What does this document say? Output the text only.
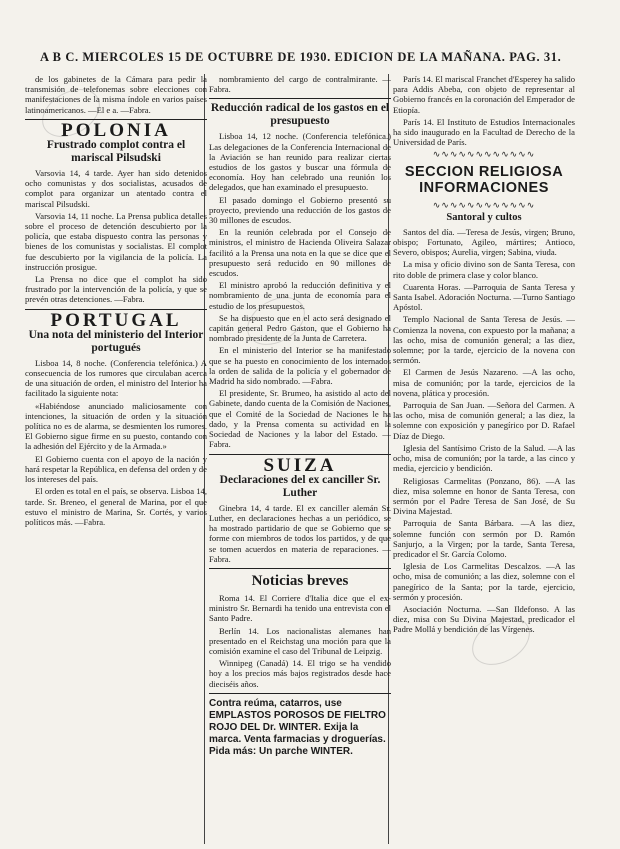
A B C. MIERCOLES 15 DE OCTUBRE DE 1930. EDICION DE LA MAÑANA. PAG. 31.

de los gabinetes de la Cámara para pedir la transmisión de telefonemas sobre elecciones con manifestaciones de la misma índole en varios países latinoamericanos. —El e a. —Fabra.

POLONIA
Frustrado complot contra el mariscal Pilsudski

Varsovia 14, 4 tarde. Ayer han sido detenidos ocho comunistas y dos socialistas, acusados de complot para organizar un atentado contra el mariscal Pilsudski.

Varsovia 14, 11 noche. La Prensa publica detalles sobre el proceso de detención descubierto por la policía, que estaba dispuesto contra las personas y bienes de los comunistas y socialistas. El complot fue descubierto por la vigilancia de la policía. La instrucción prosigue.

La Prensa no dice que el complot ha sido frustrado por la intervención de la policía, y que se prevén otras detenciones. —Fabra.

PORTUGAL
Una nota del ministerio del Interior portugués

Lisboa 14, 8 noche. (Conferencia telefónica.) A consecuencia de los rumores que circulaban acerca de una situación de orden, el ministro del Interior ha facilitado la siguiente nota:

«Habiéndose anunciado maliciosamente con intenciones, la situación de orden y la situación política no es de alarma, se desmienten los rumores. El Gobierno sigue firme en su puesto, contando con la adhesión del Ejército y de la Armada.»

El Gobierno cuenta con el apoyo de la nación y hará respetar la República, en defensa del orden y de los intereses del país.

El orden es total en el país, se observa. Lisboa 14, tarde. Sr. Breneo, el general de Marina, por el que estuvo el ministro de Marina, Sr. Cortés, y varios políticos más. —Fabra.

nombramiento del cargo de contralmirante. —Fabra.

Reducción radical de los gastos en el presupuesto

Lisboa 14, 12 noche. (Conferencia telefónica.) Las delegaciones de la Conferencia Internacional de la Aviación se han reunido para realizar ciertas estudios de los gastos y buscar una fórmula de economía. Hoy han celebrado una reunión los delegados, que han examinado el presupuesto.

El pasado domingo el Gobierno presentó su proyecto, previendo una reducción de los gastos de 30 millones de escudos.

En la reunión celebrada por el Consejo de ministros, el ministro de Hacienda Oliveira Salazar facilitó a la Prensa una nota en la que se dice que el presupuesto será reducido en 90 millones de escudos.

El ministro aprobó la reducción definitiva y el nombramiento de una junta de economía para el estudio de los presupuestos.

Se ha dispuesto que en el acto será designado el capitán general Pedro Gaston, que el Gobierno ha nombrado presidente de la Junta de Carretera.

En el ministerio del Interior se ha manifestado que se ha puesto en conocimiento de los internados la orden de salida de la policía y el gobernador de Madrid ha sido nombrado. —Fabra.

El presidente, Sr. Brumeo, ha asistido al acto del Gabinete, dando cuenta de la Comisión de Naciones, que el Comité de la Sociedad de Naciones le ha dado, y la Prensa comenta su actividad en la Sociedad de Naciones y la labor del Estado. —Fabra.

SUIZA
Declaraciones del ex canciller Sr. Luther

Ginebra 14, 4 tarde. El ex canciller alemán Sr. Luther, en declaraciones hechas a un periódico, se ha mostrado partidario de que se Gobierno que se forme con miembros de todos los partidos, y de que se tomen acuerdos en materia de reparaciones. —Fabra.

Noticias breves

Roma 14. El Corriere d'Italia dice que el ex-ministro Sr. Bernardi ha tenido una entrevista con el Santo Padre.

Berlín 14. Los nacionalistas alemanes han presentado en el Reichstag una moción para que la comisión examine el caso del Tribunal de Leipzig.

Winnipeg (Canadá) 14. El trigo se ha vendido hoy a los precios más bajos registrados desde hace dieciséis años.

Contra reúma, catarros, use EMPLASTOS POROSOS DE FIELTRO ROJO DEL Dr. WINTER. Exija la marca. Venta farmacias y droguerías. Pida más: Un parche WINTER.

París 14. El mariscal Franchet d'Esperey ha salido para Addis Abeba, con objeto de representar al Gobierno francés en la coronación del Emperador de Etiopía.

París 14. El Instituto de Estudios Internacionales ha sido inaugurado en la Facultad de Derecho de la Universidad de París.

∿∿∿∿∿∿∿∿∿∿∿∿
SECCION RELIGIOSA INFORMACIONES
∿∿∿∿∿∿∿∿∿∿∿∿
Santoral y cultos

Santos del día. —Teresa de Jesús, virgen; Bruno, obispo; Fortunato, Agileo, mártires; Antioco, Severo, obispos; Aurelia, virgen; Sabina, viuda.

La misa y oficio divino son de Santa Teresa, con rito doble de primera clase y color blanco.

Cuarenta Horas. —Parroquia de Santa Teresa y Santa Isabel. Adoración Nocturna. —Turno Santiago Apóstol.

Templo Nacional de Santa Teresa de Jesús. —Comienza la novena, con expuesto por la mañana; a las ocho, misa de comunión general; a las diez, solemne; por la tarde, ejercicio de la novena con sermón.

El Carmen de Jesús Nazareno. —A las ocho, misa de comunión; por la tarde, ejercicios de la novena, plática y procesión.

Parroquia de San Juan. —Señora del Carmen. A las ocho, misa de comunión general; a las diez, la solemne con exposición y panegírico por D. Rafael Díaz de Diego.

Iglesia del Santísimo Cristo de la Salud. —A las ocho, misa de comunión; por la tarde, a las cinco y media, ejercicio y bendición.

Religiosas Carmelitas (Ponzano, 86). —A las diez, misa solemne en honor de Santa Teresa, con sermón por el Padre Teresa de San José, de Su Divina Majestad.

Parroquia de Santa Bárbara. —A las diez, solemne función con sermón por D. Ramón Sanjurjo, a la Virgen; por la tarde, Santa Teresa, predicador el Sr. García Colomo.

Iglesia de Los Carmelitas Descalzos. —A las ocho, misa de comunión; a las diez, solemne con el panegírico de la Santa; por la tarde, ejercicio, sermón y procesión.

Asociación Nocturna. —San Ildefonso. A las diez, misa con Su Divina Majestad, predicador el Padre Mollá y bendición de las Vírgenes.
